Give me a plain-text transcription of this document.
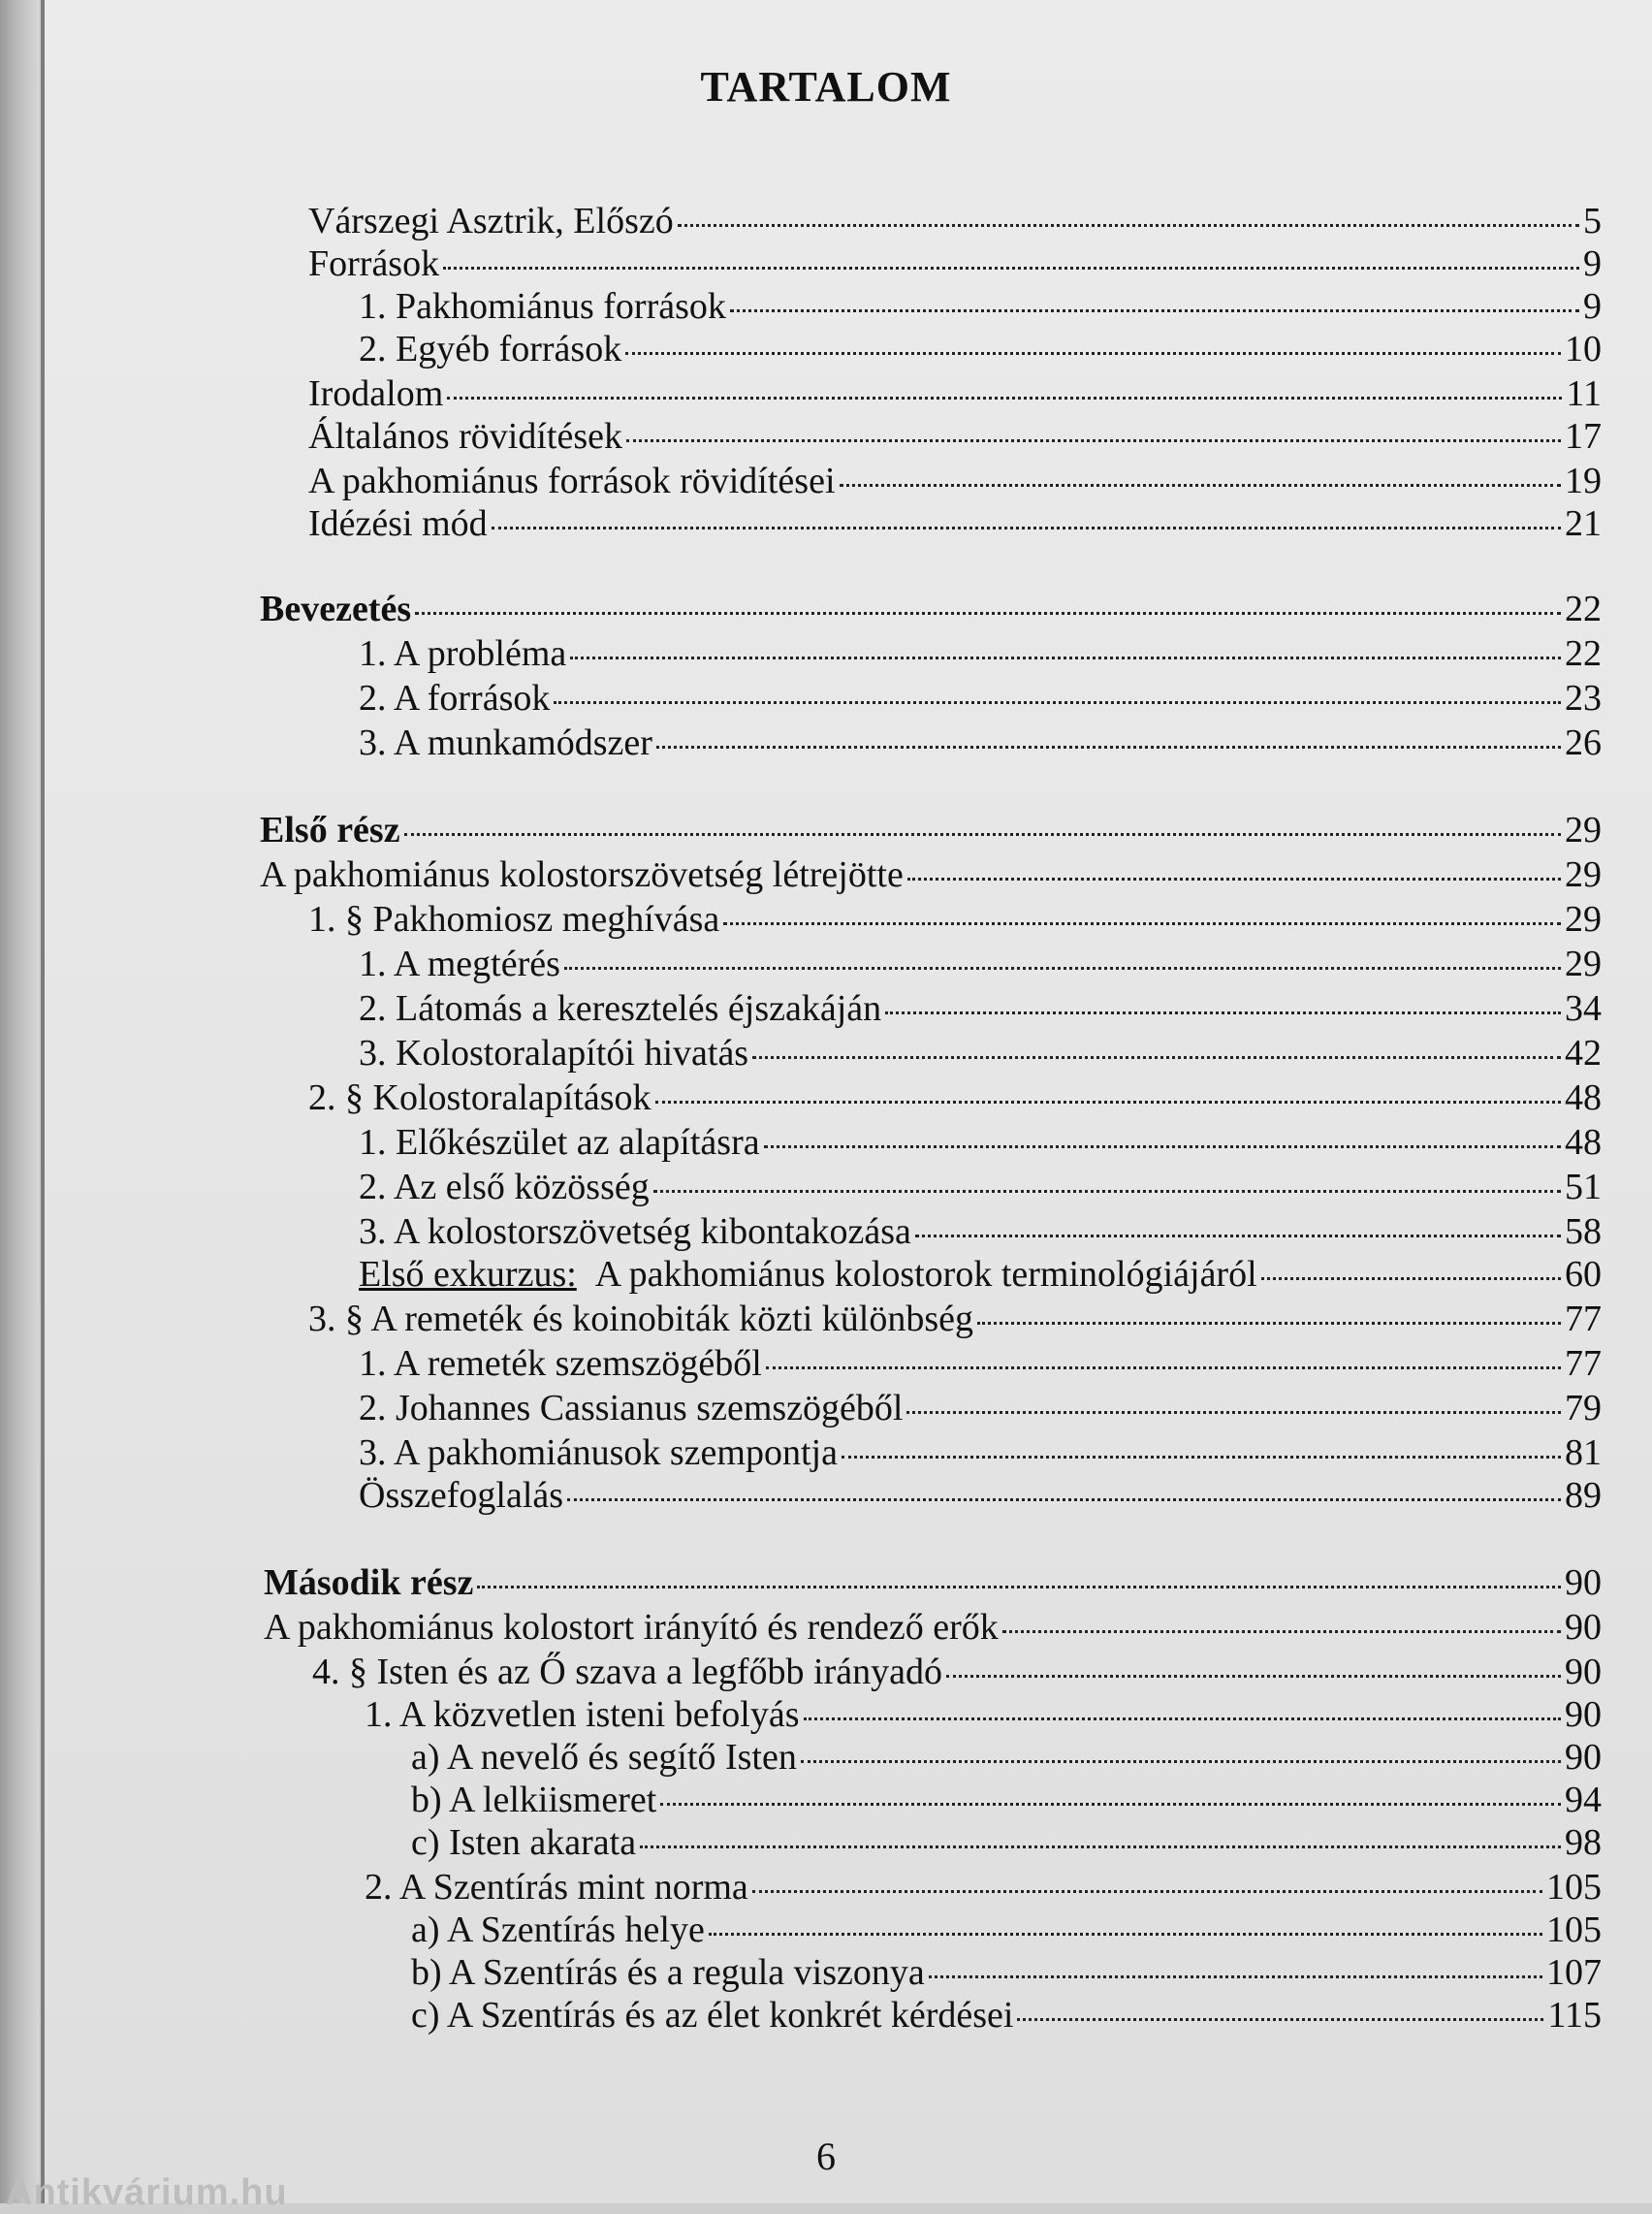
TARTALOM
Várszegi Asztrik, Előszó	5
Források	9
1. Pakhomiánus források	9
2. Egyéb források	10
Irodalom	11
Általános rövidítések	17
A pakhomiánus források rövidítései	19
Idézési mód	21
Bevezetés	22
1. A probléma	22
2. A források	23
3. A munkamódszer	26
Első rész	29
A pakhomiánus kolostorszövetség létrejötte	29
1. § Pakhomiosz meghívása	29
1. A megtérés	29
2. Látomás a keresztelés éjszakáján	34
3. Kolostoralapítói hivatás	42
2. § Kolostoralapítások	48
1. Előkészület az alapításra	48
2. Az első közösség	51
3. A kolostorszövetség kibontakozása	58
Első exkurzus: A pakhomiánus kolostorok terminológiájáról	60
3. § A remeték és koinobiták közti különbség	77
1. A remeték szemszögéből	77
2. Johannes Cassianus szemszögéből	79
3. A pakhomiánusok szempontja	81
Összefoglalás	89
Második rész	90
A pakhomiánus kolostort irányító és rendező erők	90
4. § Isten és az Ő szava a legfőbb irányadó	90
1. A közvetlen isteni befolyás	90
a) A nevelő és segítő Isten	90
b) A lelkiismeret	94
c) Isten akarata	98
2. A Szentírás mint norma	105
a) A Szentírás helye	105
b) A Szentírás és a regula viszonya	107
c) A Szentírás és az élet konkrét kérdései	115
6
Antikvárium.hu
